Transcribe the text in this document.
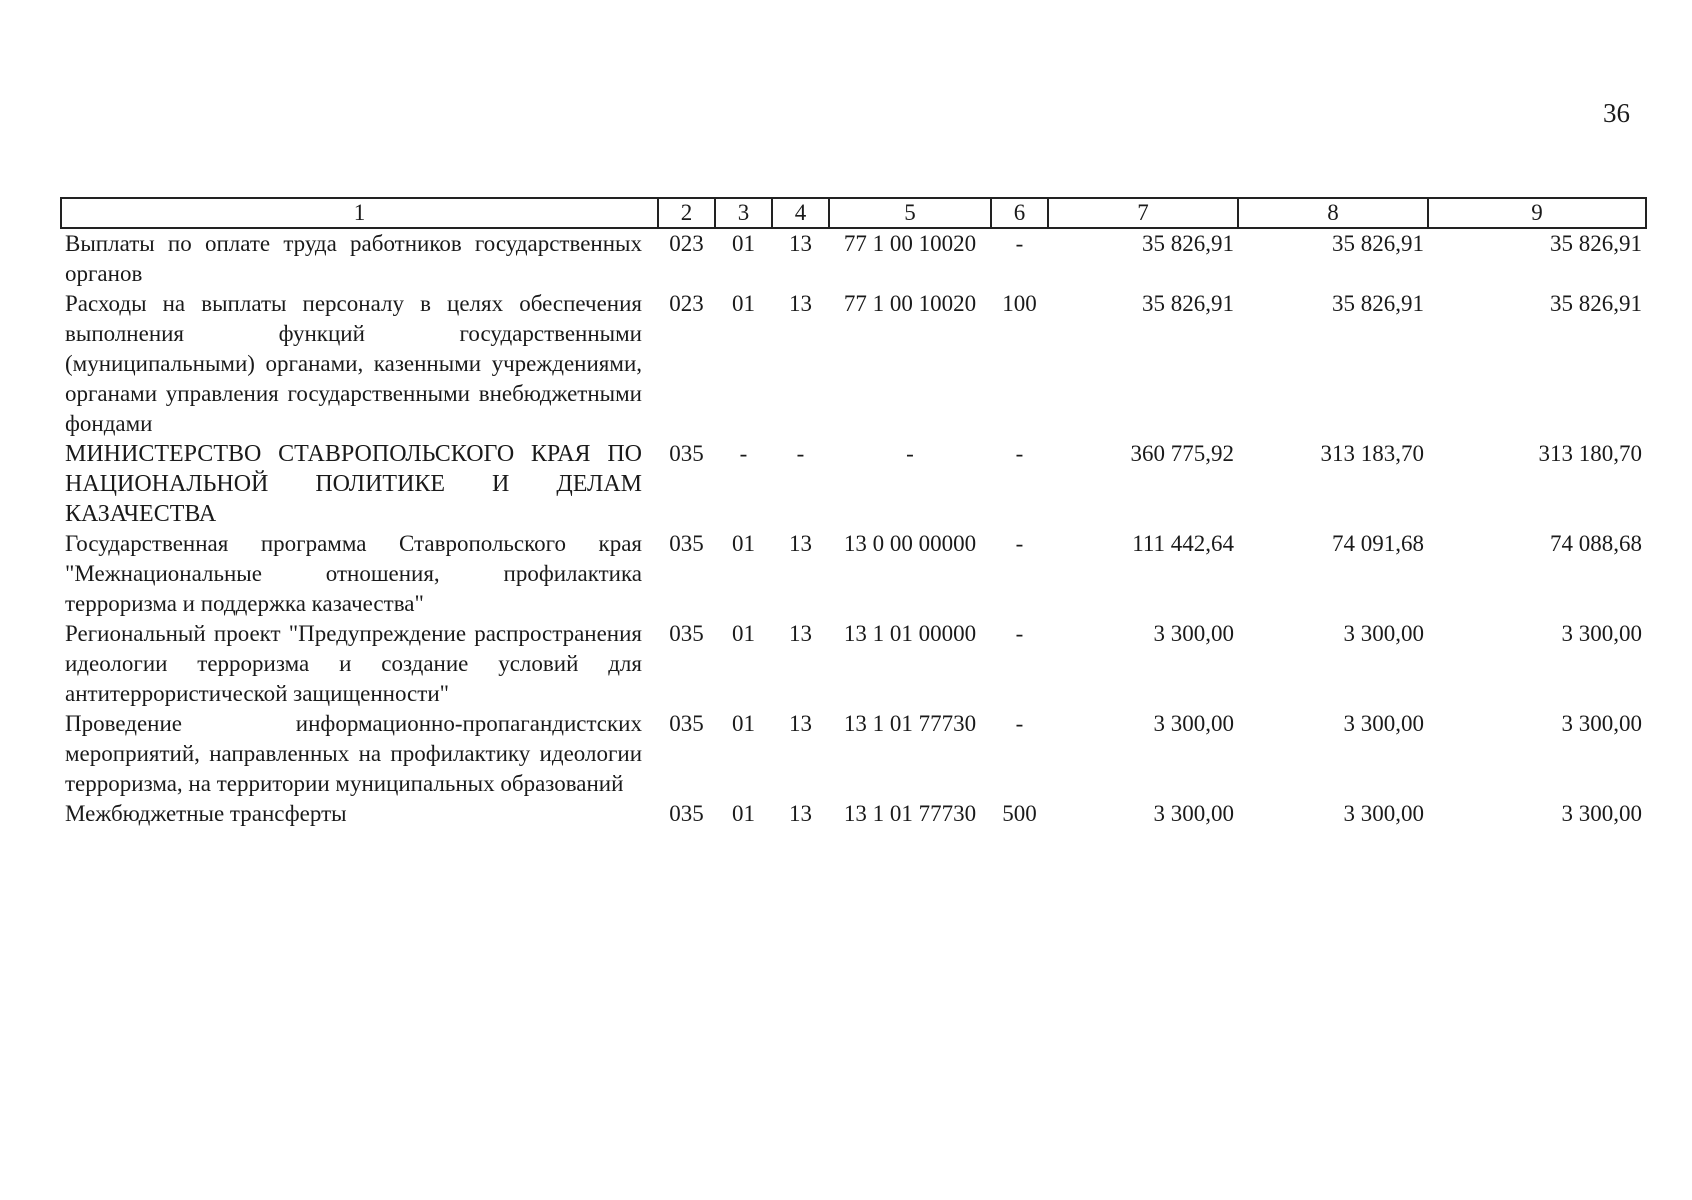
36
1	2	3	4	5	6	7	8	9
Выплаты по оплате труда работников государственных органов	023	01	13	77 1 00 10020	-	35 826,91	35 826,91	35 826,91
Расходы на выплаты персоналу в целях обеспечения выполнения функций государственными (муниципальными) органами, казенными учреждениями, органами управления государственными внебюджетными фондами	023	01	13	77 1 00 10020	100	35 826,91	35 826,91	35 826,91
МИНИСТЕРСТВО СТАВРОПОЛЬСКОГО КРАЯ ПО НАЦИОНАЛЬНОЙ ПОЛИТИКЕ И ДЕЛАМ КАЗАЧЕСТВА	035	-	-	-	-	360 775,92	313 183,70	313 180,70
Государственная программа Ставропольского края "Межнациональные отношения, профилактика терроризма и поддержка казачества"	035	01	13	13 0 00 00000	-	111 442,64	74 091,68	74 088,68
Региональный проект "Предупреждение распространения идеологии терроризма и создание условий для антитеррористической защищенности"	035	01	13	13 1 01 00000	-	3 300,00	3 300,00	3 300,00
Проведение информационно-пропагандистских мероприятий, направленных на профилактику идеологии терроризма, на территории муниципальных образований	035	01	13	13 1 01 77730	-	3 300,00	3 300,00	3 300,00
Межбюджетные трансферты	035	01	13	13 1 01 77730	500	3 300,00	3 300,00	3 300,00
